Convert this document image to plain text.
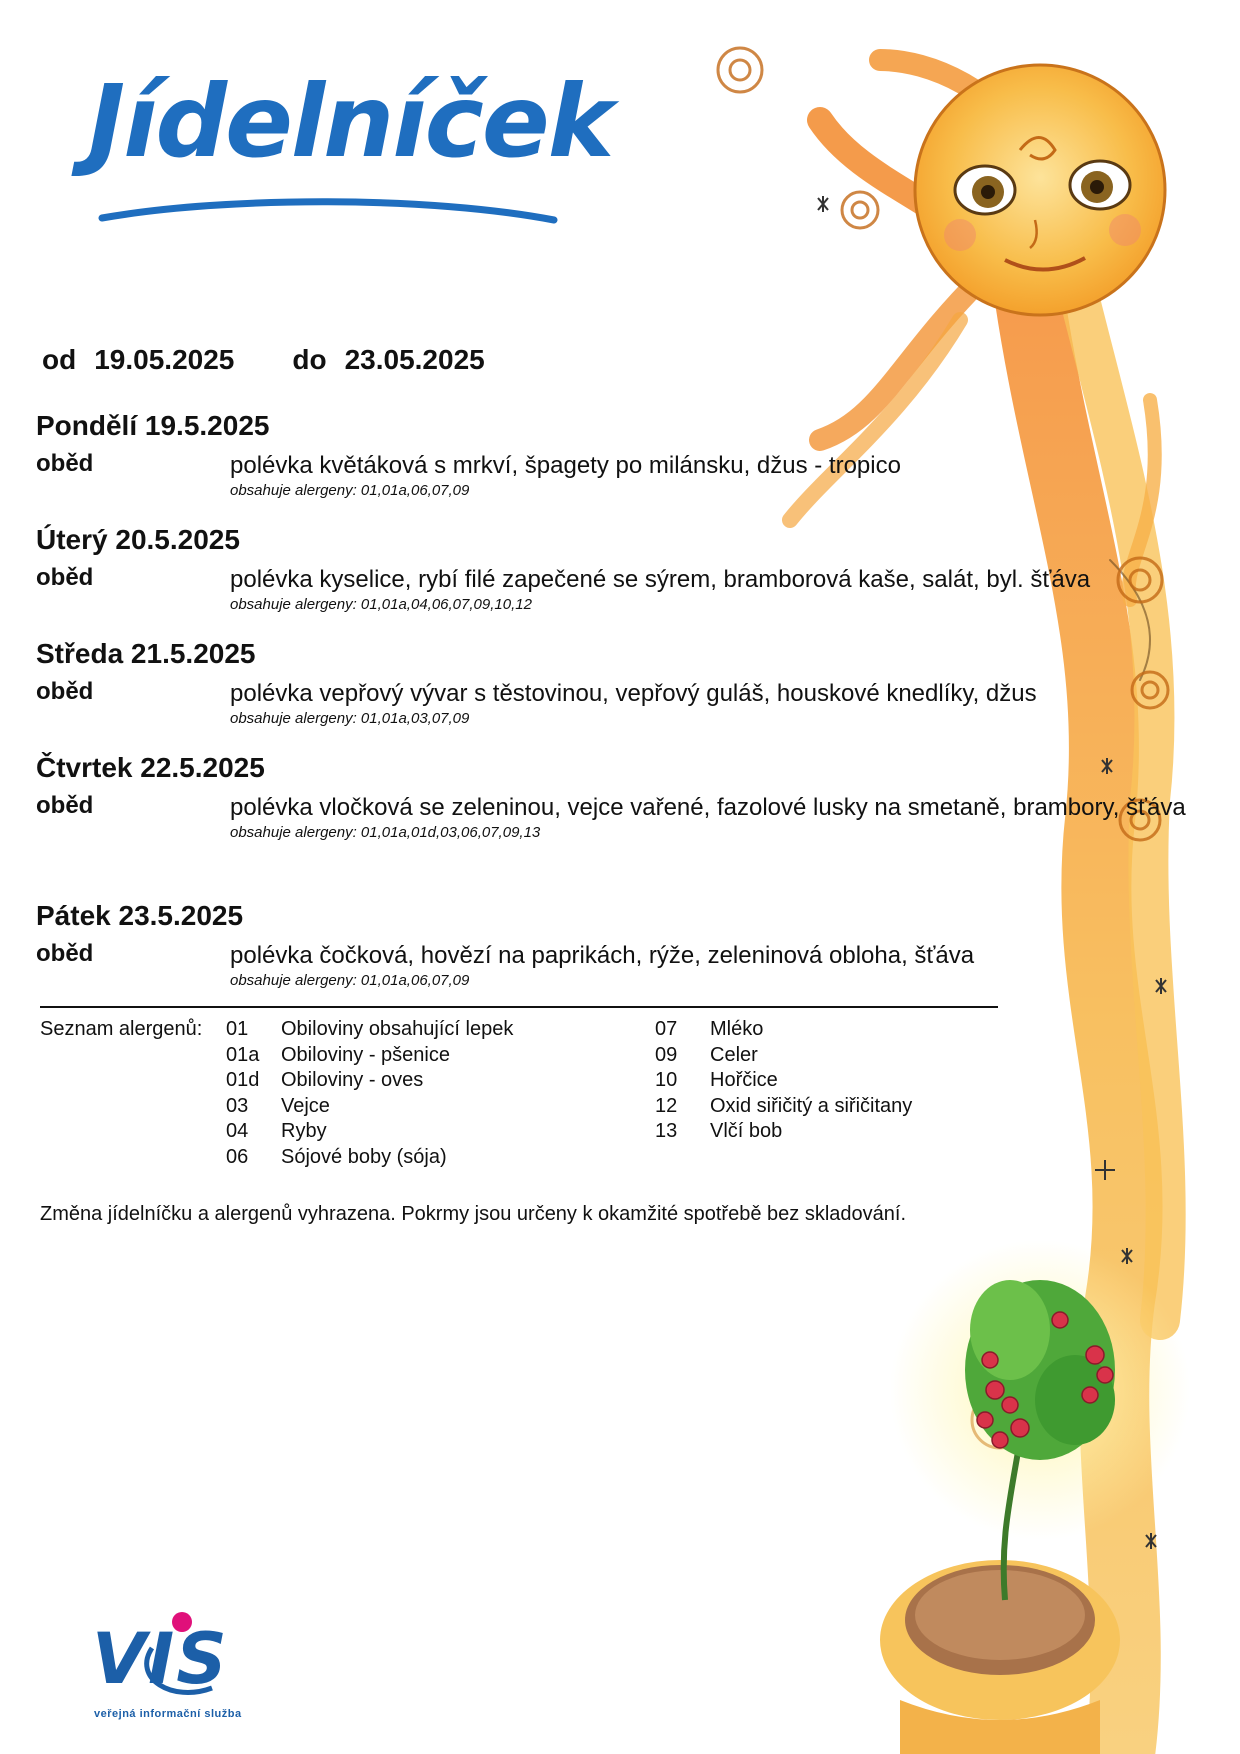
Jídelníček
od 19.05.2025 do 23.05.2025
Pondělí 19.5.2025
oběd	polévka květáková s mrkví, špagety po milánsku, džus - tropico
obsahuje alergeny: 01,01a,06,07,09
Úterý 20.5.2025
oběd	polévka kyselice, rybí filé zapečené se sýrem, bramborová kaše, salát, byl. šťáva
obsahuje alergeny: 01,01a,04,06,07,09,10,12
Středa 21.5.2025
oběd	polévka vepřový vývar s těstovinou, vepřový guláš, houskové knedlíky, džus
obsahuje alergeny: 01,01a,03,07,09
Čtvrtek 22.5.2025
oběd	polévka vločková se zeleninou, vejce vařené, fazolové lusky na smetaně, brambory, šťáva
obsahuje alergeny: 01,01a,01d,03,06,07,09,13
Pátek 23.5.2025
oběd	polévka čočková, hovězí na paprikách, rýže, zeleninová obloha, šťáva
obsahuje alergeny: 01,01a,06,07,09
Seznam alergenů: 01 Obiloviny obsahující lepek
01a Obiloviny - pšenice
01d Obiloviny - oves
03 Vejce
04 Ryby
06 Sójové boby (sója)
07 Mléko
09 Celer
10 Hořčice
12 Oxid siřičitý a siřičitany
13 Vlčí bob
Změna jídelníčku a alergenů vyhrazena. Pokrmy jsou určeny k okamžité spotřebě bez skladování.
VIS
veřejná informační služba
